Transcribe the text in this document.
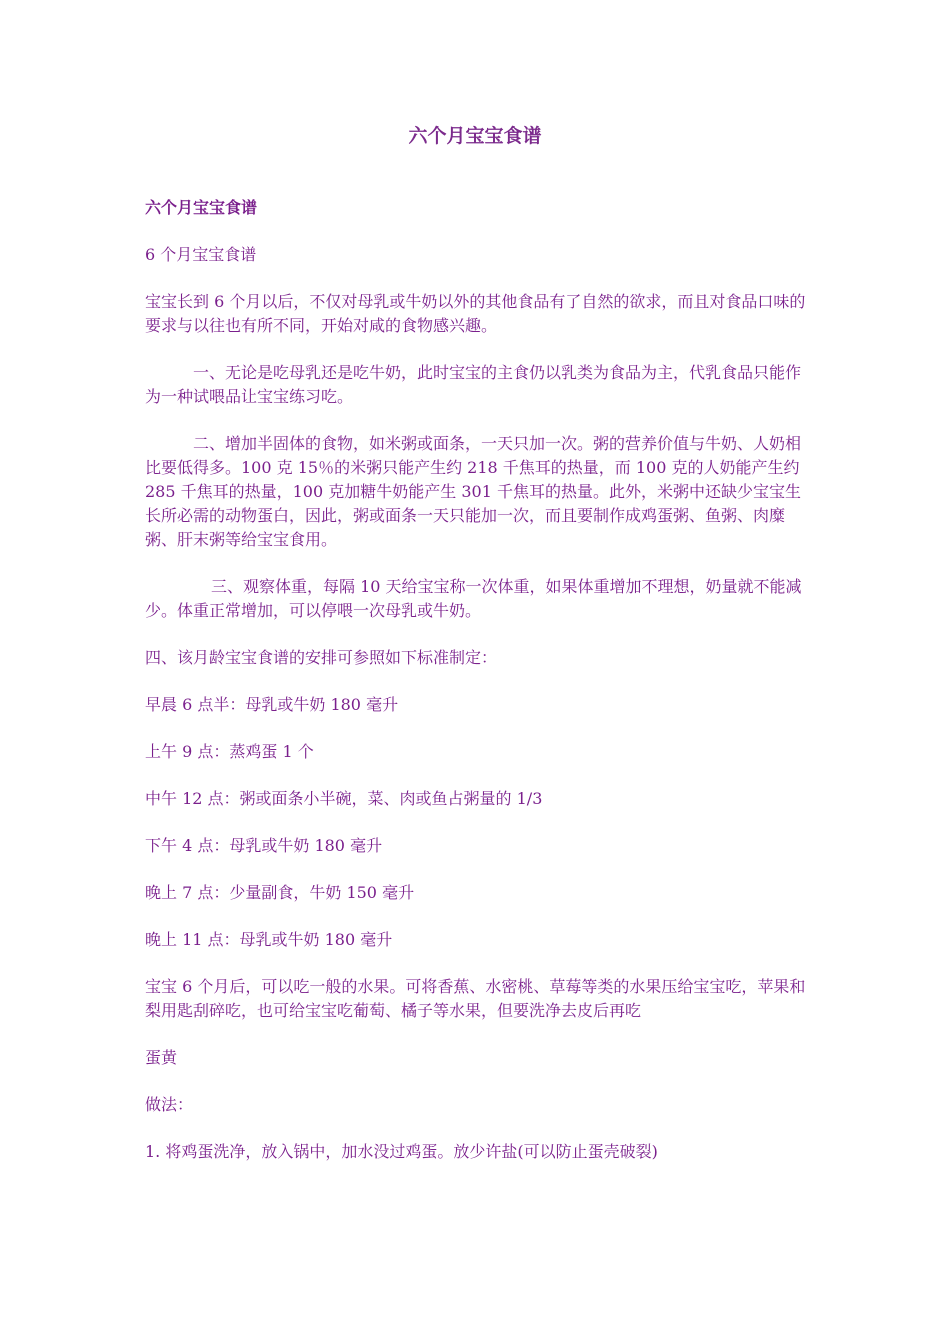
六个月宝宝食谱

六个月宝宝食谱

6 个月宝宝食谱

宝宝长到 6 个月以后，不仅对母乳或牛奶以外的其他食品有了自然的欲求，而且对食品口味的要求与以往也有所不同，开始对咸的食物感兴趣。

一、无论是吃母乳还是吃牛奶，此时宝宝的主食仍以乳类为食品为主，代乳食品只能作为一种试喂品让宝宝练习吃。

二、增加半固体的食物，如米粥或面条，一天只加一次。粥的营养价值与牛奶、人奶相比要低得多。100 克 15％的米粥只能产生约 218 千焦耳的热量，而 100 克的人奶能产生约 285 千焦耳的热量，100 克加糖牛奶能产生 301 千焦耳的热量。此外，米粥中还缺少宝宝生长所必需的动物蛋白，因此，粥或面条一天只能加一次，而且要制作成鸡蛋粥、鱼粥、肉糜粥、肝末粥等给宝宝食用。

三、观察体重，每隔 10 天给宝宝称一次体重，如果体重增加不理想，奶量就不能减少。体重正常增加，可以停喂一次母乳或牛奶。

四、该月龄宝宝食谱的安排可参照如下标准制定：

早晨 6 点半：母乳或牛奶 180 毫升

上午 9 点：蒸鸡蛋 1 个

中午 12 点：粥或面条小半碗，菜、肉或鱼占粥量的 1/3

下午 4 点：母乳或牛奶 180 毫升

晚上 7 点：少量副食，牛奶 150 毫升

晚上 11 点：母乳或牛奶 180 毫升

宝宝 6 个月后，可以吃一般的水果。可将香蕉、水密桃、草莓等类的水果压给宝宝吃，苹果和梨用匙刮碎吃，也可给宝宝吃葡萄、橘子等水果，但要洗净去皮后再吃

蛋黄

做法：

1. 将鸡蛋洗净，放入锅中，加水没过鸡蛋。放少许盐(可以防止蛋壳破裂)
